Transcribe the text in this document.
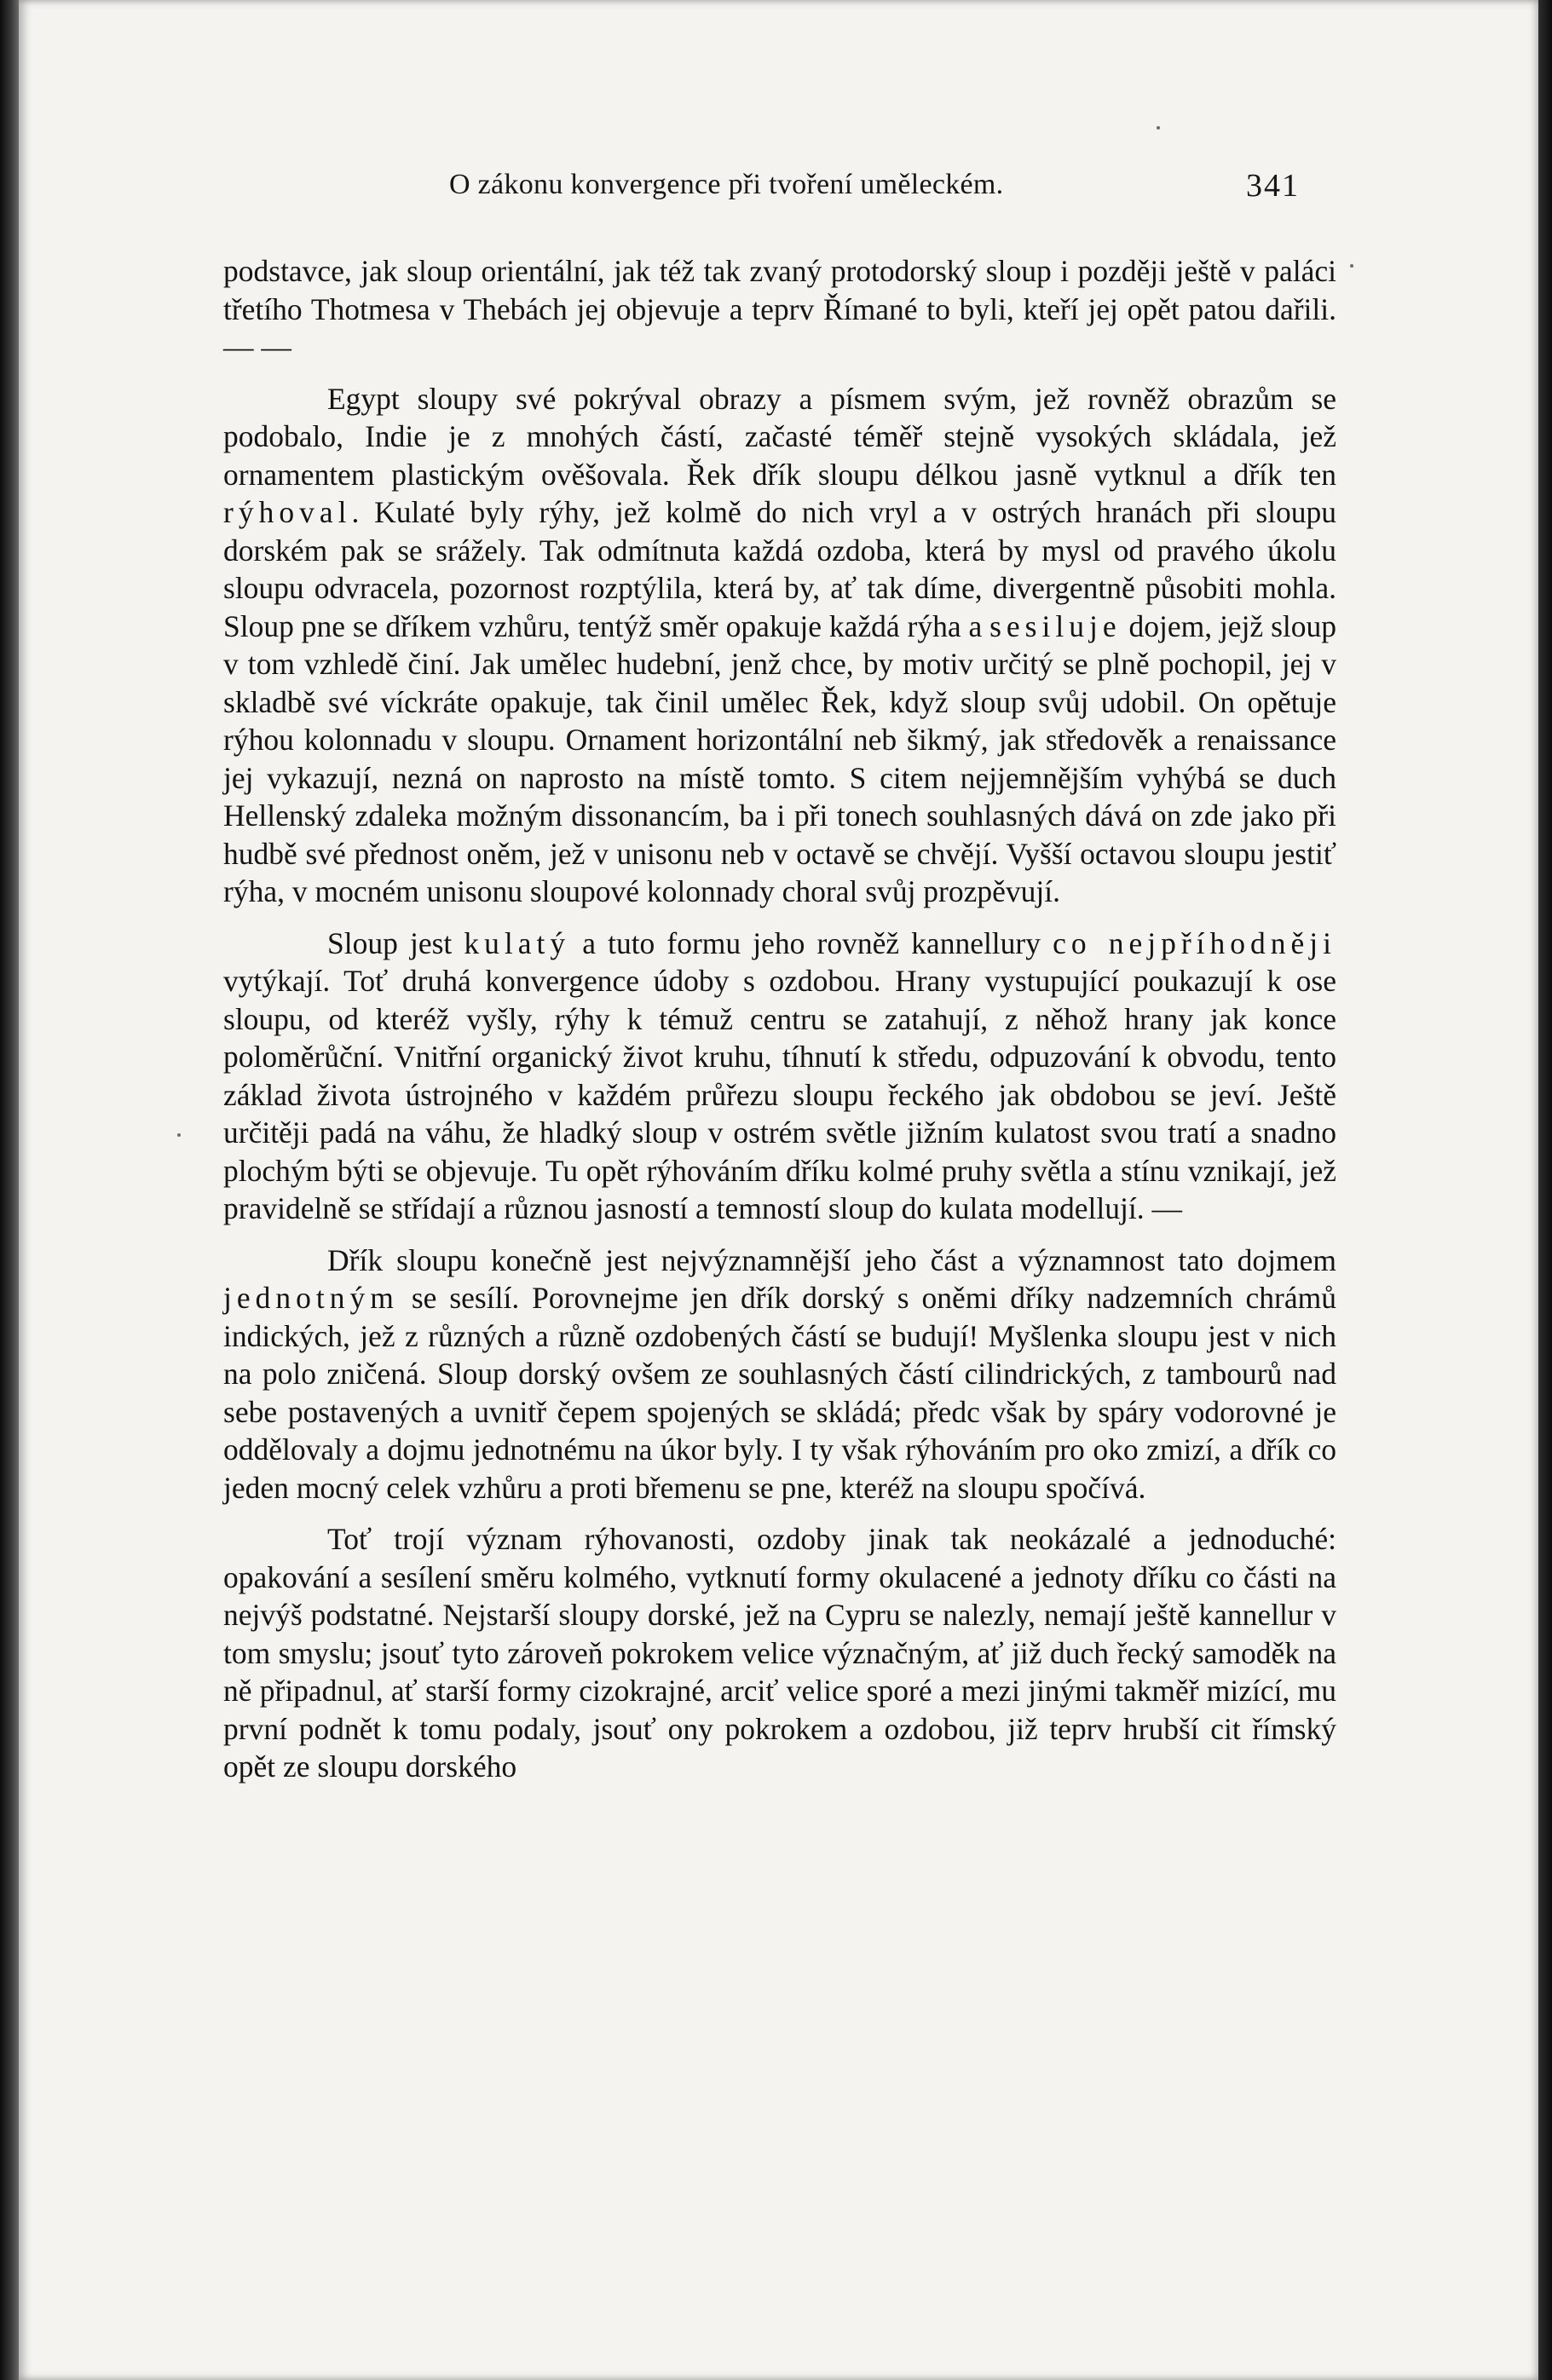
O zákonu konvergence při tvoření uměleckém.	341

podstavce, jak sloup orientální, jak též tak zvaný protodorský sloup i později ještě v paláci třetího Thotmesa v Thebách jej objevuje a teprv Římané to byli, kteří jej opět patou dařili. — —

Egypt sloupy své pokrýval obrazy a písmem svým, jež rovněž obrazům se podobalo, Indie je z mnohých částí, začasté téměř stejně vysokých skládala, jež ornamentem plastickým ověšovala. Řek dřík sloupu délkou jasně vytknul a dřík ten rýhoval. Kulaté byly rýhy, jež kolmě do nich vryl a v ostrých hranách při sloupu dorském pak se srážely. Tak odmítnuta každá ozdoba, která by mysl od pravého úkolu sloupu odvracela, pozornost rozptýlila, která by, ať tak díme, divergentně působiti mohla. Sloup pne se dříkem vzhůru, tentýž směr opakuje každá rýha a sesiluje dojem, jejž sloup v tom vzhledě činí. Jak umělec hudební, jenž chce, by motiv určitý se plně pochopil, jej v skladbě své víckráte opakuje, tak činil umělec Řek, když sloup svůj udobil. On opětuje rýhou kolonnadu v sloupu. Ornament horizontální neb šikmý, jak středověk a renaissance jej vykazují, nezná on naprosto na místě tomto. S citem nejjemnějším vyhýbá se duch Hellenský zdaleka možným dissonancím, ba i při tonech souhlasných dává on zde jako při hudbě své přednost oněm, jež v unisonu neb v octavě se chvějí. Vyšší octavou sloupu jestiť rýha, v mocném unisonu sloupové kolonnady choral svůj prozpěvují.

Sloup jest kulatý a tuto formu jeho rovněž kannellury co nejpříhodněji vytýkají. Toť druhá konvergence údoby s ozdobou. Hrany vystupující poukazují k ose sloupu, od kteréž vyšly, rýhy k témuž centru se zatahují, z něhož hrany jak konce poloměrůční. Vnitřní organický život kruhu, tíhnutí k středu, odpuzování k obvodu, tento základ života ústrojného v každém průřezu sloupu řeckého jak obdobou se jeví. Ještě určitěji padá na váhu, že hladký sloup v ostrém světle jižním kulatost svou tratí a snadno plochým býti se objevuje. Tu opět rýhováním dříku kolmé pruhy světla a stínu vznikají, jež pravidelně se střídají a různou jasností a temností sloup do kulata modellují. —

Dřík sloupu konečně jest nejvýznamnější jeho část a významnost tato dojmem jednotným se sesílí. Porovnejme jen dřík dorský s oněmi dříky nadzemních chrámů indických, jež z různých a různě ozdobených částí se budují! Myšlenka sloupu jest v nich na polo zničená. Sloup dorský ovšem ze souhlasných částí cilindrických, z tambourů nad sebe postavených a uvnitř čepem spojených se skládá; předc však by spáry vodorovné je oddělovaly a dojmu jednotnému na úkor byly. I ty však rýhováním pro oko zmizí, a dřík co jeden mocný celek vzhůru a proti břemenu se pne, kteréž na sloupu spočívá.

Toť trojí význam rýhovanosti, ozdoby jinak tak neokázalé a jednoduché: opakování a sesílení směru kolmého, vytknutí formy okulacené a jednoty dříku co části na nejvýš podstatné. Nejstarší sloupy dorské, jež na Cypru se nalezly, nemají ještě kannellur v tom smyslu; jsouť tyto zároveň pokrokem velice význačným, ať již duch řecký samoděk na ně připadnul, ať starší formy cizokrajné, arciť velice sporé a mezi jinými takměř mizící, mu první podnět k tomu podaly, jsouť ony pokrokem a ozdobou, již teprv hrubší cit římský opět ze sloupu dorského
